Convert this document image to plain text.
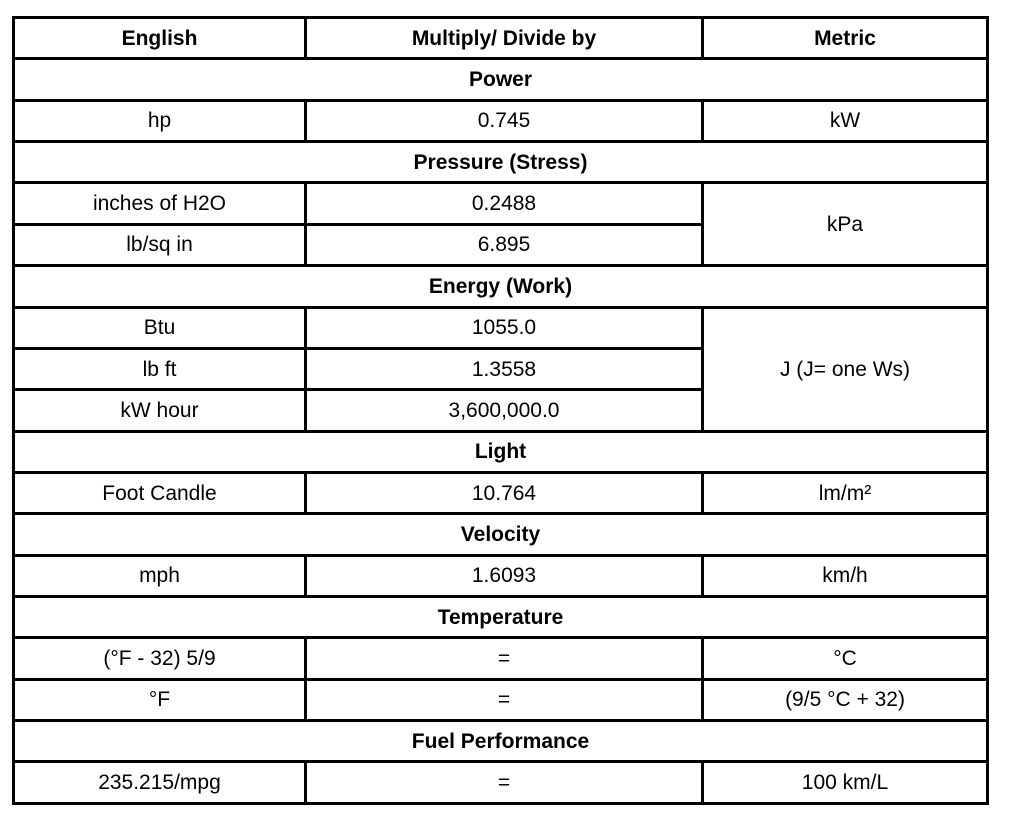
English	Multiply/ Divide by	Metric
Power		
hp	0.745	kW
Pressure (Stress)		
inches of H2O	0.2488	kPa
lb/sq in	6.895	
Energy (Work)		
Btu	1055.0	J (J= one Ws)
lb ft	1.3558	
kW hour	3,600,000.0	
Light		
Foot Candle	10.764	lm/m²
Velocity		
mph	1.6093	km/h
Temperature		
(°F - 32) 5/9	=	°C
°F	=	(9/5 °C + 32)
Fuel Performance		
235.215/mpg	=	100 km/L
